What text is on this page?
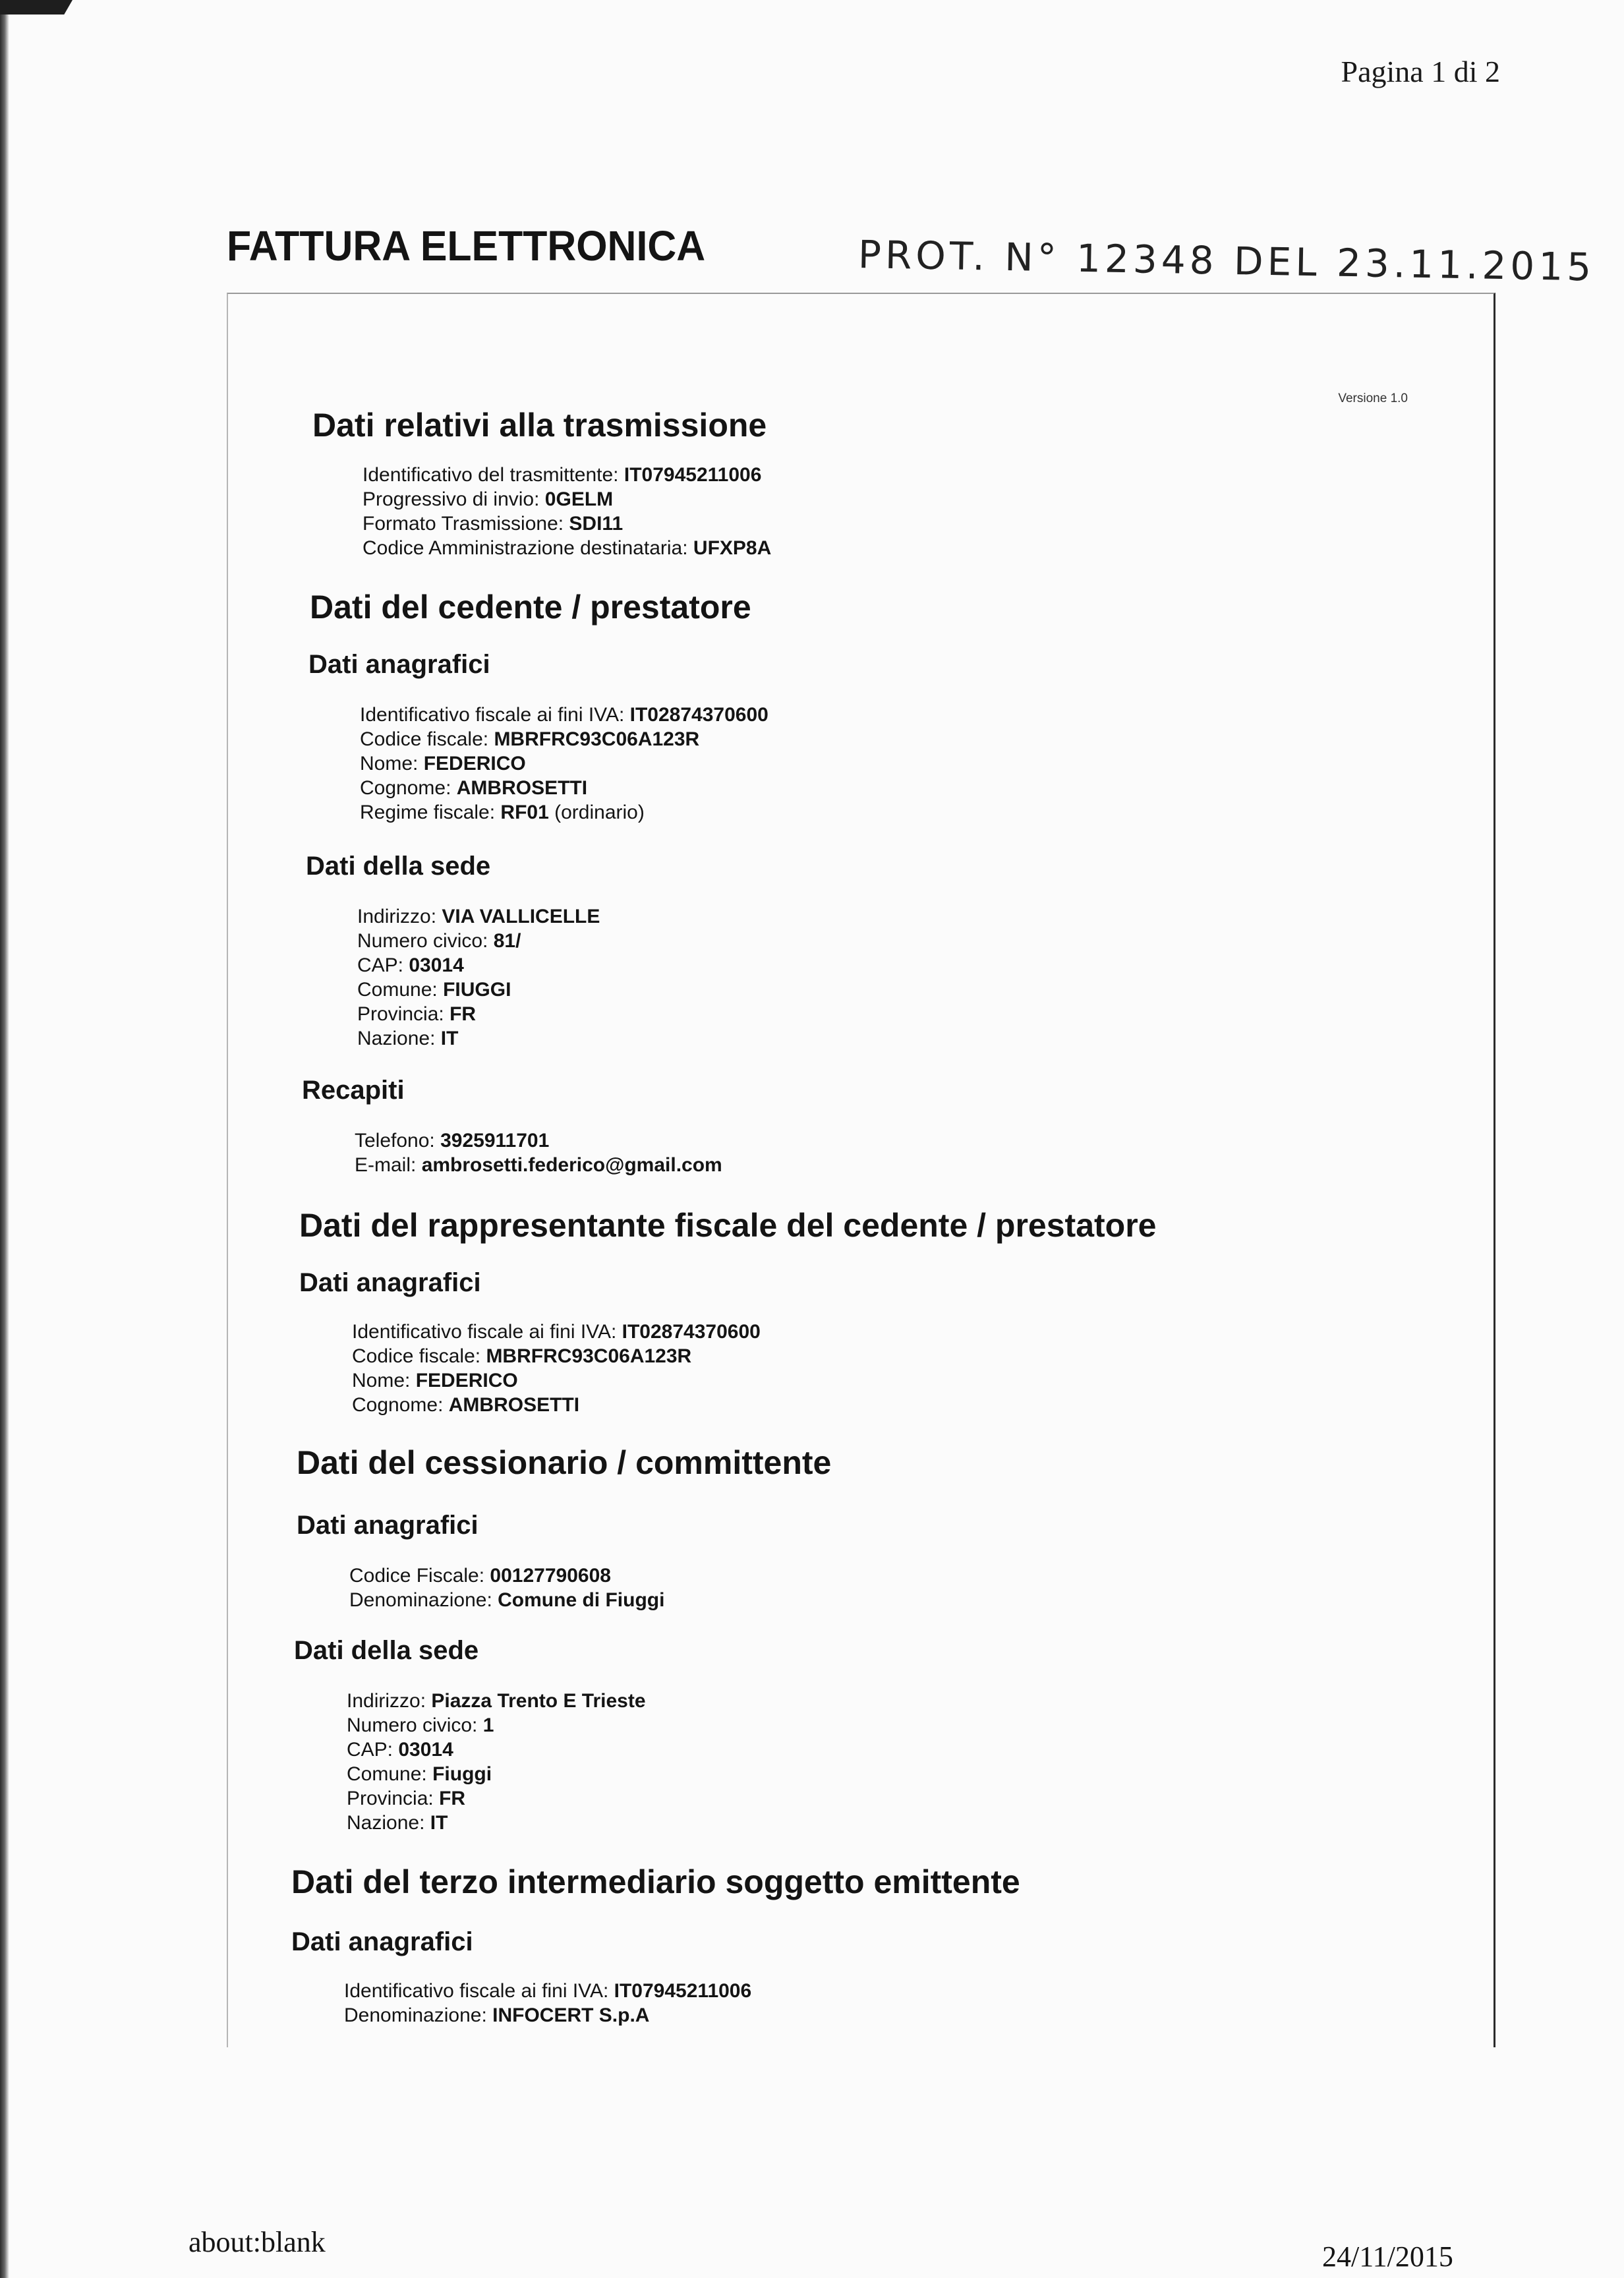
Pagina 1 di 2
FATTURA ELETTRONICA	PROT. N° 12348 DEL 23.11.2015
Versione 1.0
Dati relativi alla trasmissione
Identificativo del trasmittente: IT07945211006
Progressivo di invio: 0GELM
Formato Trasmissione: SDI11
Codice Amministrazione destinataria: UFXP8A
Dati del cedente / prestatore
Dati anagrafici
Identificativo fiscale ai fini IVA: IT02874370600
Codice fiscale: MBRFRC93C06A123R
Nome: FEDERICO
Cognome: AMBROSETTI
Regime fiscale: RF01 (ordinario)
Dati della sede
Indirizzo: VIA VALLICELLE
Numero civico: 81/
CAP: 03014
Comune: FIUGGI
Provincia: FR
Nazione: IT
Recapiti
Telefono: 3925911701
E-mail: ambrosetti.federico@gmail.com
Dati del rappresentante fiscale del cedente / prestatore
Dati anagrafici
Identificativo fiscale ai fini IVA: IT02874370600
Codice fiscale: MBRFRC93C06A123R
Nome: FEDERICO
Cognome: AMBROSETTI
Dati del cessionario / committente
Dati anagrafici
Codice Fiscale: 00127790608
Denominazione: Comune di Fiuggi
Dati della sede
Indirizzo: Piazza Trento E Trieste
Numero civico: 1
CAP: 03014
Comune: Fiuggi
Provincia: FR
Nazione: IT
Dati del terzo intermediario soggetto emittente
Dati anagrafici
Identificativo fiscale ai fini IVA: IT07945211006
Denominazione: INFOCERT S.p.A
about:blank	24/11/2015
